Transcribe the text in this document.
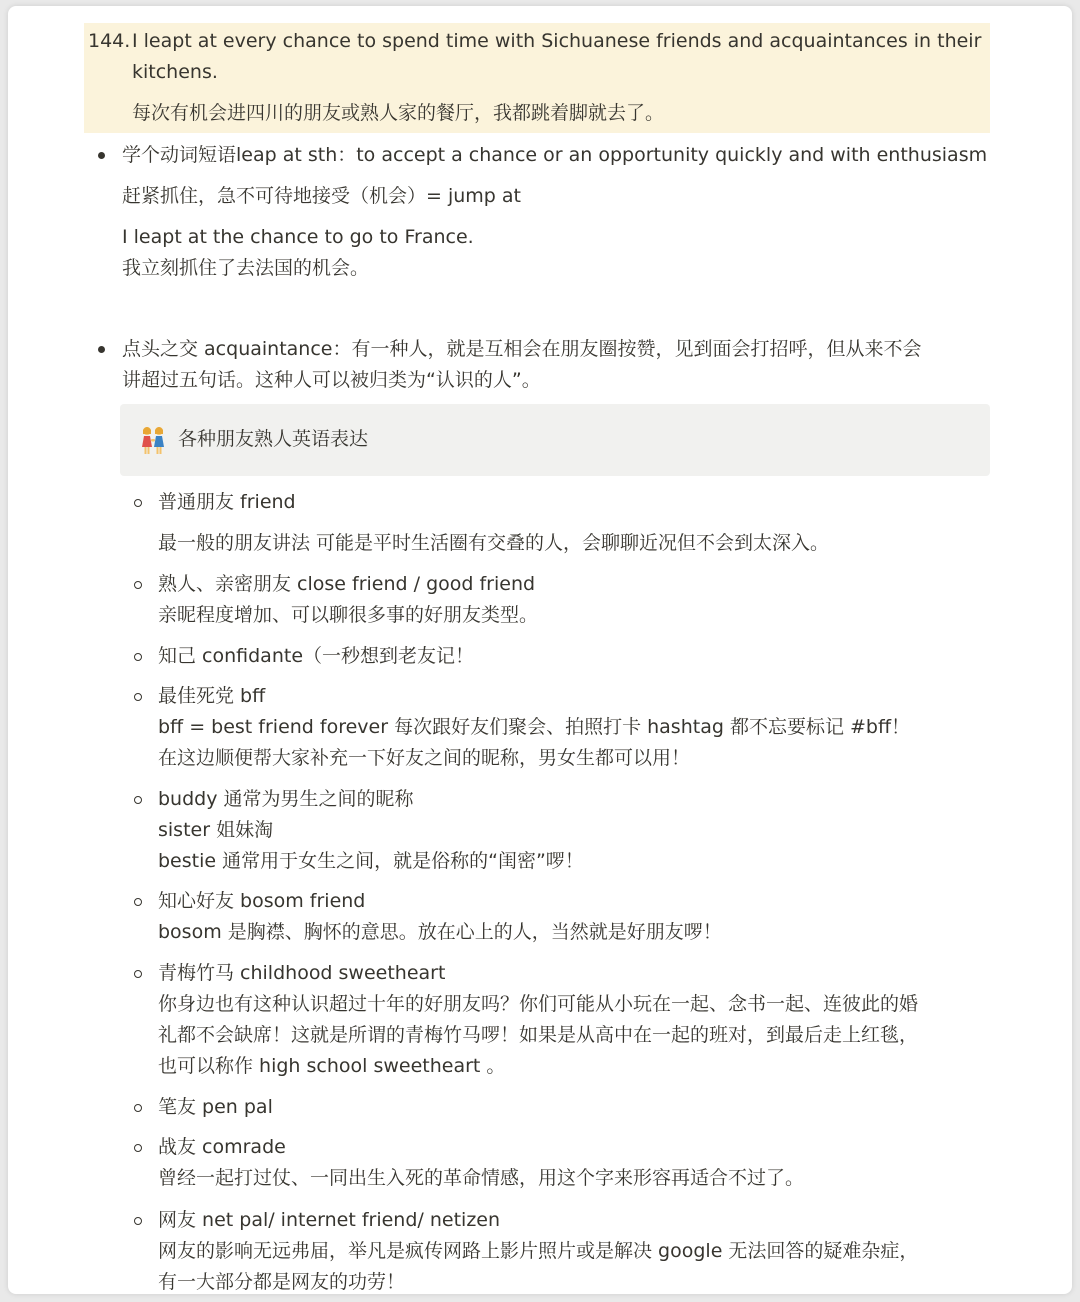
144. I leapt at every chance to spend time with Sichuanese friends and acquaintances in their
kitchens.
每次有机会进四川的朋友或熟人家的餐厅，我都跳着脚就去了。
学个动词短语leap at sth：to accept a chance or an opportunity quickly and with enthusiasm
赶紧抓住，急不可待地接受（机会）= jump at
I leapt at the chance to go to France.
我立刻抓住了去法国的机会。
点头之交 acquaintance：有一种人，就是互相会在朋友圈按赞，见到面会打招呼，但从来不会
讲超过五句话。这种人可以被归类为“认识的人”。
各种朋友熟人英语表达
普通朋友 friend
最一般的朋友讲法 可能是平时生活圈有交叠的人，会聊聊近况但不会到太深入。
熟人、亲密朋友 close friend / good friend
亲昵程度增加、可以聊很多事的好朋友类型。
知己 confidante（一秒想到老友记！
最佳死党 bff
bff = best friend forever 每次跟好友们聚会、拍照打卡 hashtag 都不忘要标记 #bff！
在这边顺便帮大家补充一下好友之间的昵称，男女生都可以用！
buddy 通常为男生之间的昵称
sister 姐妹淘
bestie 通常用于女生之间，就是俗称的“闺密”啰！
知心好友 bosom friend
bosom 是胸襟、胸怀的意思。放在心上的人，当然就是好朋友啰！
青梅竹马 childhood sweetheart
你身边也有这种认识超过十年的好朋友吗？你们可能从小玩在一起、念书一起、连彼此的婚
礼都不会缺席！这就是所谓的青梅竹马啰！如果是从高中在一起的班对，到最后走上红毯，
也可以称作 high school sweetheart 。
笔友 pen pal
战友 comrade
曾经一起打过仗、一同出生入死的革命情感，用这个字来形容再适合不过了。
网友 net pal/ internet friend/ netizen
网友的影响无远弗届，举凡是疯传网路上影片照片或是解决 google 无法回答的疑难杂症，
有一大部分都是网友的功劳！
